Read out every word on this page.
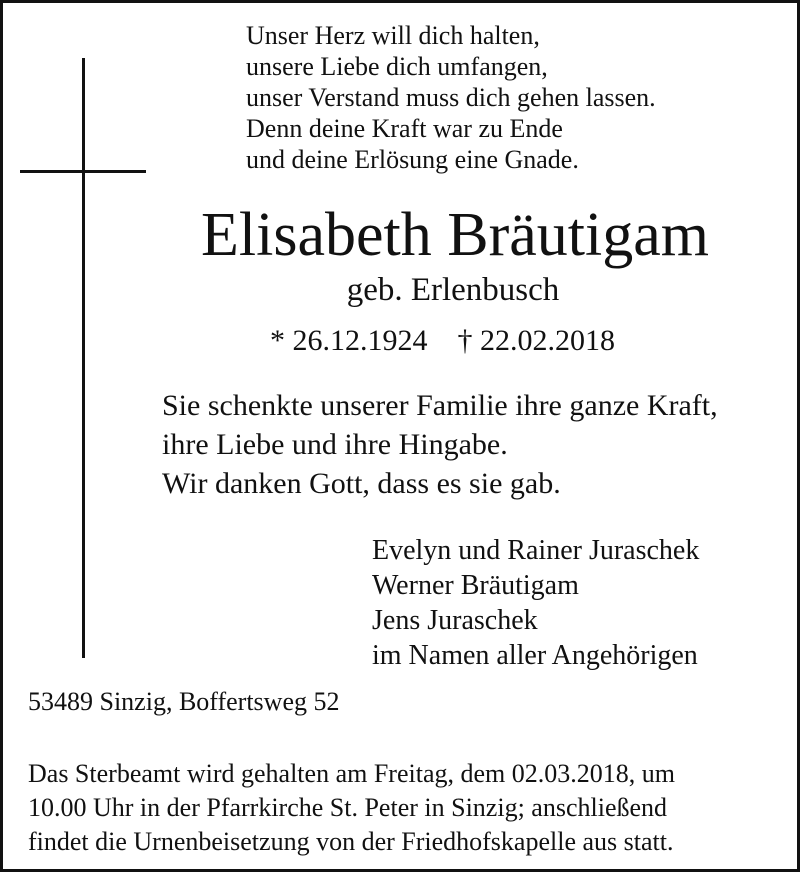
Unser Herz will dich halten,
unsere Liebe dich umfangen,
unser Verstand muss dich gehen lassen.
Denn deine Kraft war zu Ende
und deine Erlösung eine Gnade.
Elisabeth Bräutigam
geb. Erlenbusch
* 26.12.1924 † 22.02.2018
Sie schenkte unserer Familie ihre ganze Kraft,
ihre Liebe und ihre Hingabe.
Wir danken Gott, dass es sie gab.
Evelyn und Rainer Juraschek
Werner Bräutigam
Jens Juraschek
im Namen aller Angehörigen
53489 Sinzig, Boffertsweg 52
Das Sterbeamt wird gehalten am Freitag, dem 02.03.2018, um
10.00 Uhr in der Pfarrkirche St. Peter in Sinzig; anschließend
findet die Urnenbeisetzung von der Friedhofskapelle aus statt.
